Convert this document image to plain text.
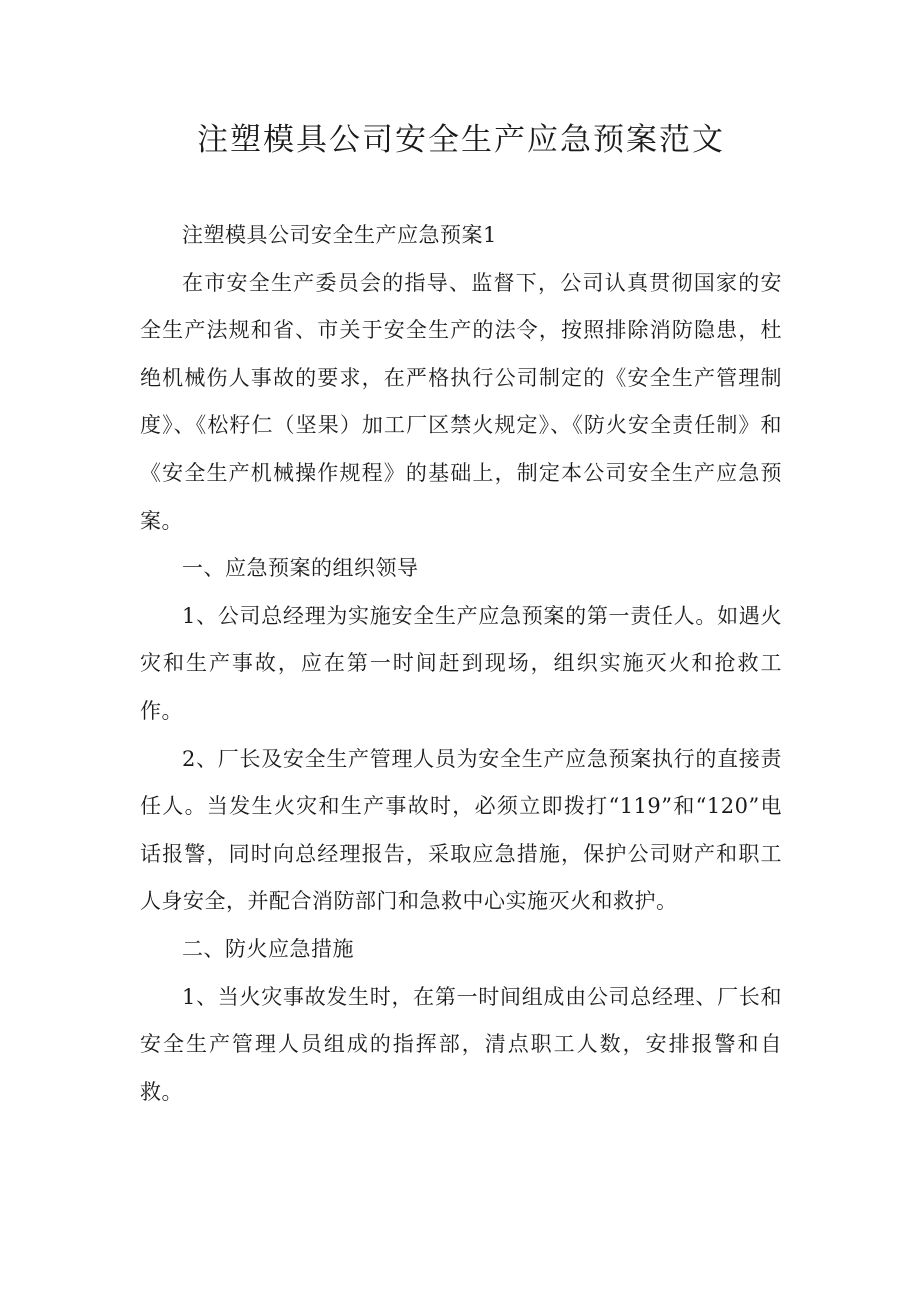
注塑模具公司安全生产应急预案范文

注塑模具公司安全生产应急预案1

在市安全生产委员会的指导、监督下，公司认真贯彻国家的安全生产法规和省、市关于安全生产的法令，按照排除消防隐患，杜绝机械伤人事故的要求，在严格执行公司制定的《安全生产管理制度》、《松籽仁（坚果）加工厂区禁火规定》、《防火安全责任制》和《安全生产机械操作规程》的基础上，制定本公司安全生产应急预案。

一、应急预案的组织领导

1、公司总经理为实施安全生产应急预案的第一责任人。如遇火灾和生产事故，应在第一时间赶到现场，组织实施灭火和抢救工作。

2、厂长及安全生产管理人员为安全生产应急预案执行的直接责任人。当发生火灾和生产事故时，必须立即拨打“119”和“120”电话报警，同时向总经理报告，采取应急措施，保护公司财产和职工人身安全，并配合消防部门和急救中心实施灭火和救护。

二、防火应急措施

1、当火灾事故发生时，在第一时间组成由公司总经理、厂长和安全生产管理人员组成的指挥部，清点职工人数，安排报警和自救。
